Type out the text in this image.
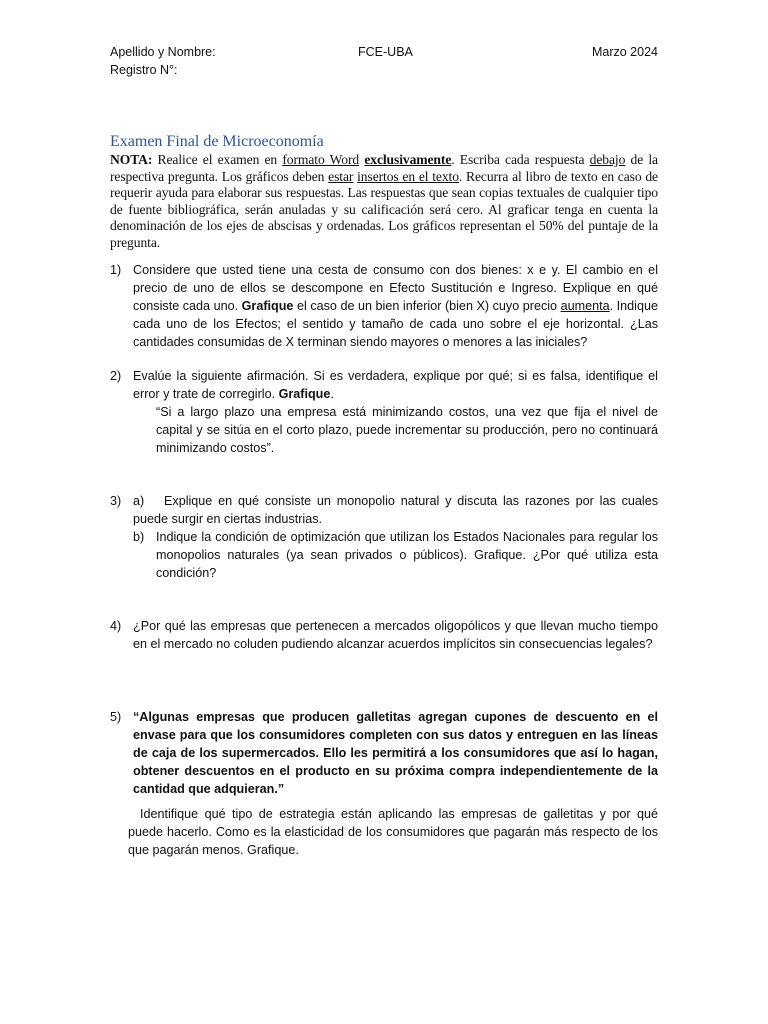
Apellido y Nombre:
Registro N°:
FCE-UBA	Marzo 2024
Examen Final de Microeconomía
NOTA: Realice el examen en formato Word exclusivamente. Escriba cada respuesta debajo de la respectiva pregunta. Los gráficos deben estar insertos en el texto. Recurra al libro de texto en caso de requerir ayuda para elaborar sus respuestas. Las respuestas que sean copias textuales de cualquier tipo de fuente bibliográfica, serán anuladas y su calificación será cero. Al graficar tenga en cuenta la denominación de los ejes de abscisas y ordenadas. Los gráficos representan el 50% del puntaje de la pregunta.
1) Considere que usted tiene una cesta de consumo con dos bienes: x e y. El cambio en el precio de uno de ellos se descompone en Efecto Sustitución e Ingreso. Explique en qué consiste cada uno. Grafique el caso de un bien inferior (bien X) cuyo precio aumenta. Indique cada uno de los Efectos; el sentido y tamaño de cada uno sobre el eje horizontal. ¿Las cantidades consumidas de X terminan siendo mayores o menores a las iniciales?
2) Evalúe la siguiente afirmación. Si es verdadera, explique por qué; si es falsa, identifique el error y trate de corregirlo. Grafique.
“Si a largo plazo una empresa está minimizando costos, una vez que fija el nivel de capital y se sitúa en el corto plazo, puede incrementar su producción, pero no continuará minimizando costos”.
3) a)	Explique en qué consiste un monopolio natural y discuta las razones por las cuales puede surgir en ciertas industrias.
b) Indique la condición de optimización que utilizan los Estados Nacionales para regular los monopolios naturales (ya sean privados o públicos). Grafique. ¿Por qué utiliza esta condición?
4) ¿Por qué las empresas que pertenecen a mercados oligopólicos y que llevan mucho tiempo en el mercado no coluden pudiendo alcanzar acuerdos implícitos sin consecuencias legales?
5) “Algunas empresas que producen galletitas agregan cupones de descuento en el envase para que los consumidores completen con sus datos y entreguen en las líneas de caja de los supermercados. Ello les permitirá a los consumidores que así lo hagan, obtener descuentos en el producto en su próxima compra independientemente de la cantidad que adquieran.”
Identifique qué tipo de estrategia están aplicando las empresas de galletitas y por qué puede hacerlo. Como es la elasticidad de los consumidores que pagarán más respecto de los que pagarán menos. Grafique.
